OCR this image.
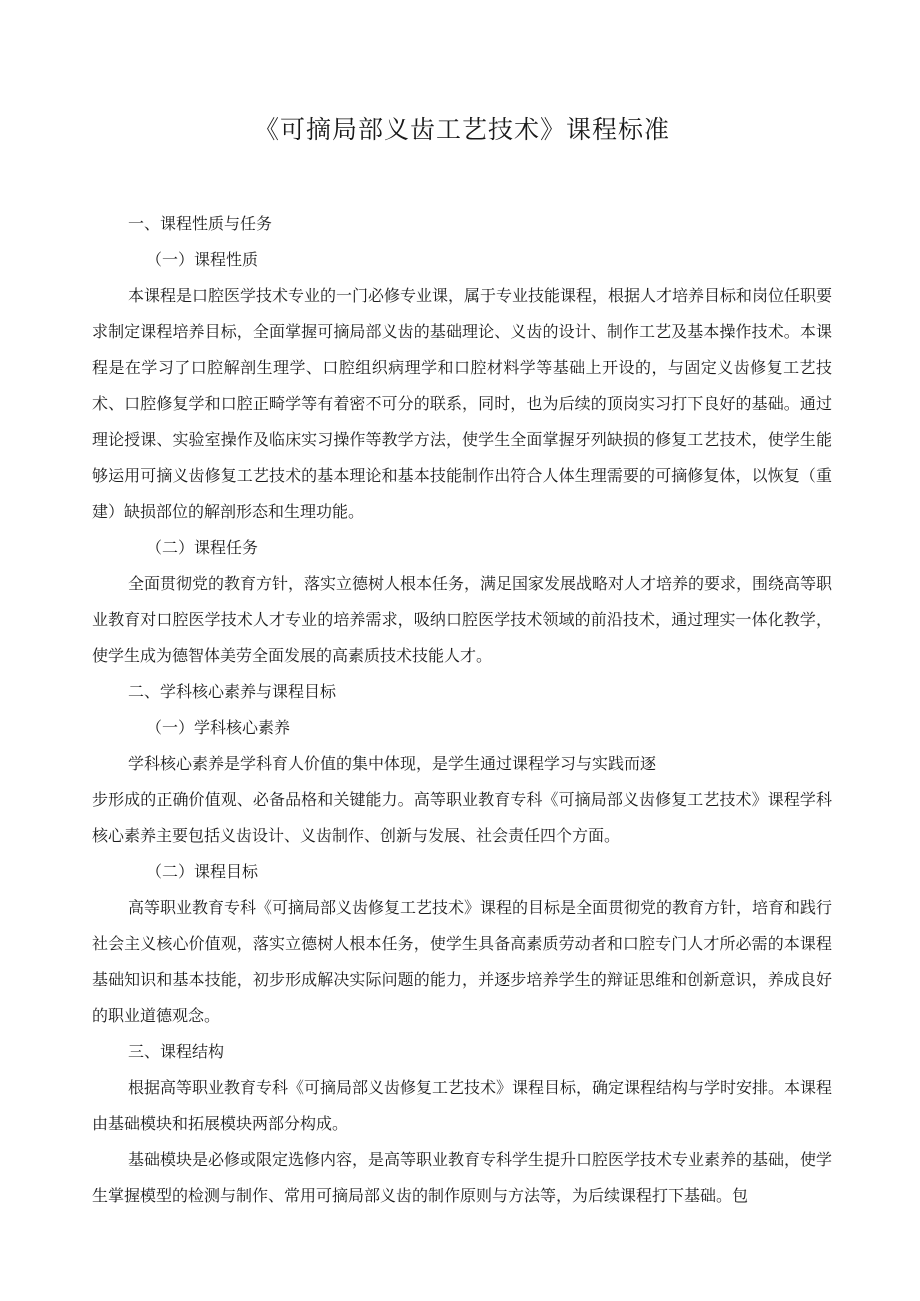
《可摘局部义齿工艺技术》课程标准

一、课程性质与任务

（一）课程性质

本课程是口腔医学技术专业的一门必修专业课，属于专业技能课程，根据人才培养目标和岗位任职要求制定课程培养目标，全面掌握可摘局部义齿的基础理论、义齿的设计、制作工艺及基本操作技术。本课程是在学习了口腔解剖生理学、口腔组织病理学和口腔材料学等基础上开设的，与固定义齿修复工艺技术、口腔修复学和口腔正畸学等有着密不可分的联系，同时，也为后续的顶岗实习打下良好的基础。通过理论授课、实验室操作及临床实习操作等教学方法，使学生全面掌握牙列缺损的修复工艺技术，使学生能够运用可摘义齿修复工艺技术的基本理论和基本技能制作出符合人体生理需要的可摘修复体，以恢复（重建）缺损部位的解剖形态和生理功能。

（二）课程任务

全面贯彻党的教育方针，落实立德树人根本任务，满足国家发展战略对人才培养的要求，围绕高等职业教育对口腔医学技术人才专业的培养需求，吸纳口腔医学技术领域的前沿技术，通过理实一体化教学，使学生成为德智体美劳全面发展的高素质技术技能人才。

二、学科核心素养与课程目标

（一）学科核心素养

学科核心素养是学科育人价值的集中体现，是学生通过课程学习与实践而逐

步形成的正确价值观、必备品格和关键能力。高等职业教育专科《可摘局部义齿修复工艺技术》课程学科核心素养主要包括义齿设计、义齿制作、创新与发展、社会责任四个方面。

（二）课程目标

高等职业教育专科《可摘局部义齿修复工艺技术》课程的目标是全面贯彻党的教育方针，培育和践行社会主义核心价值观，落实立德树人根本任务，使学生具备高素质劳动者和口腔专门人才所必需的本课程基础知识和基本技能，初步形成解决实际问题的能力，并逐步培养学生的辩证思维和创新意识，养成良好的职业道德观念。

三、课程结构

根据高等职业教育专科《可摘局部义齿修复工艺技术》课程目标，确定课程结构与学时安排。本课程由基础模块和拓展模块两部分构成。

基础模块是必修或限定选修内容，是高等职业教育专科学生提升口腔医学技术专业素养的基础，使学生掌握模型的检测与制作、常用可摘局部义齿的制作原则与方法等，为后续课程打下基础。包
